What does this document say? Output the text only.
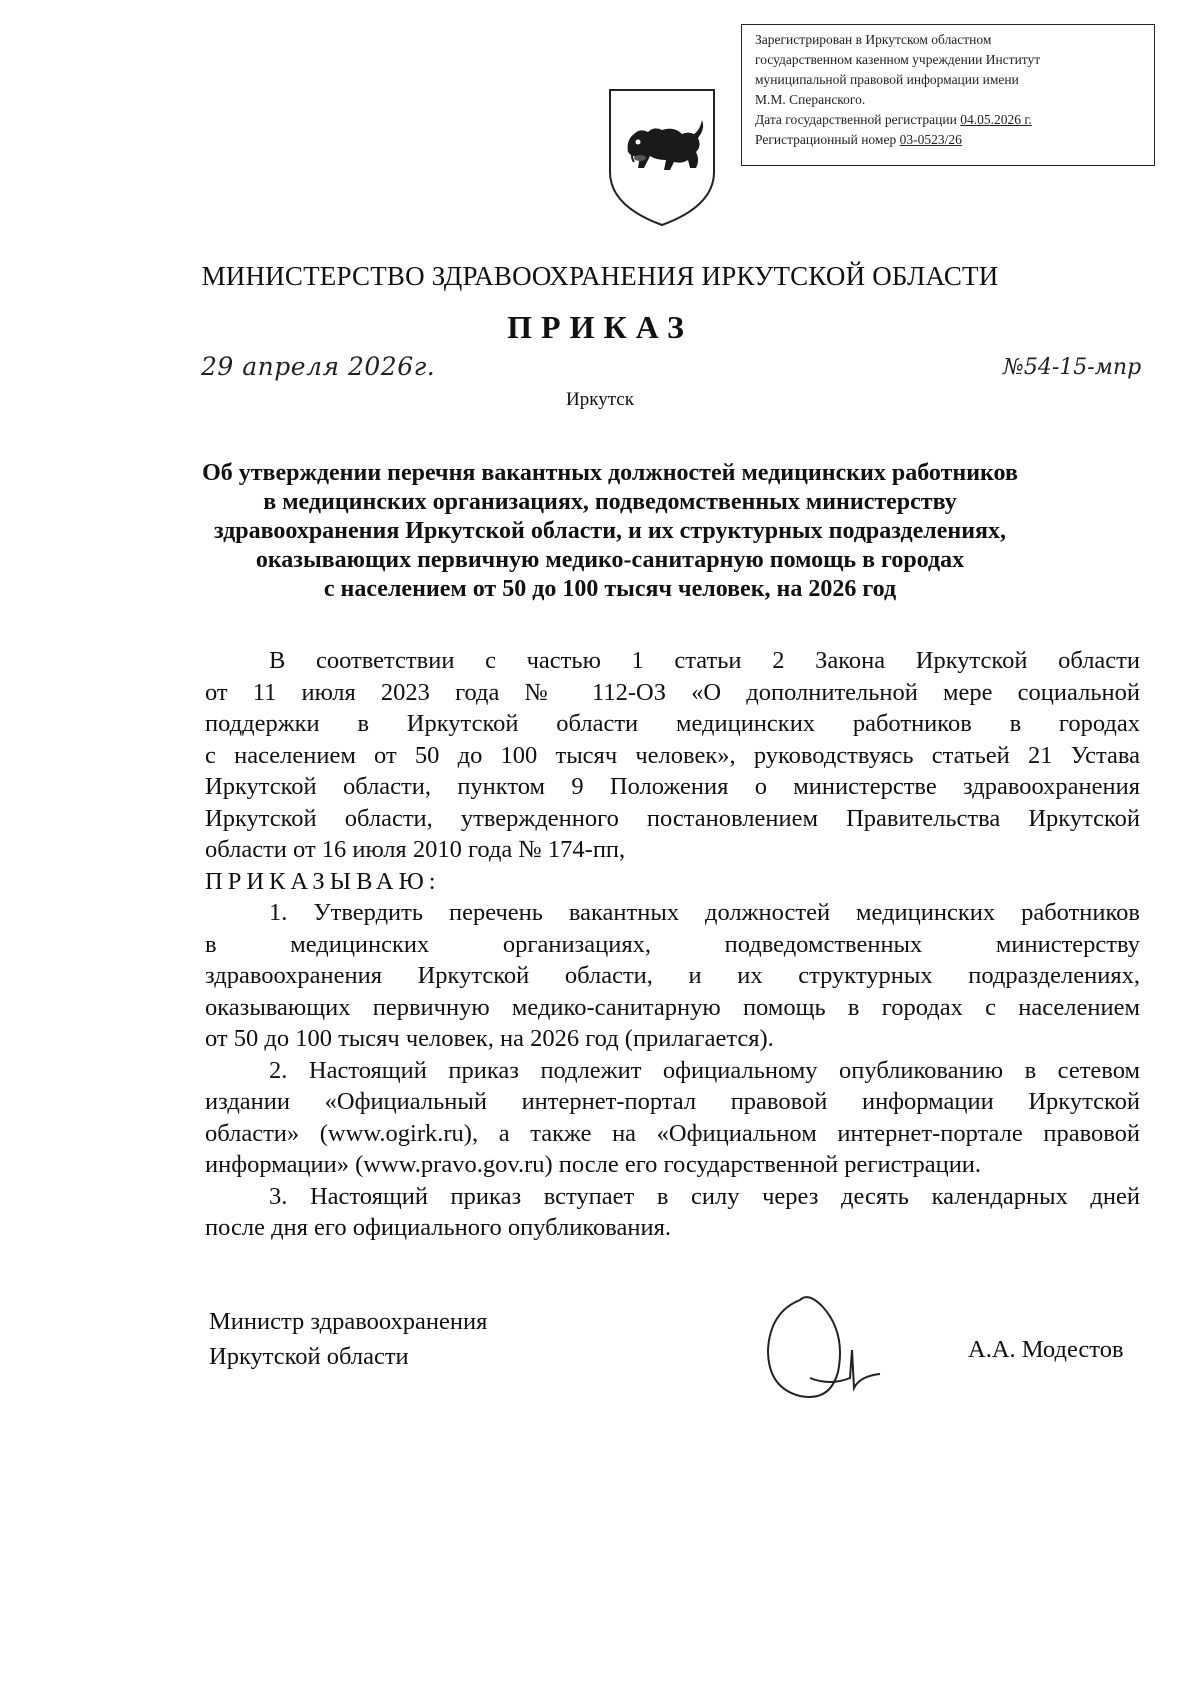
Зарегистрирован в Иркутском областном
государственном казенном учреждении Институт
муниципальной правовой информации имени
М.М. Сперанского.
Дата государственной регистрации 04.05.2026 г.
Регистрационный номер 03-0523/26
МИНИСТЕРСТВО ЗДРАВООХРАНЕНИЯ ИРКУТСКОЙ ОБЛАСТИ
ПРИКАЗ
29 апреля 2026г.	№54-15-мпр
Иркутск
Об утверждении перечня вакантных должностей медицинских работников
в медицинских организациях, подведомственных министерству
здравоохранения Иркутской области, и их структурных подразделениях,
оказывающих первичную медико-санитарную помощь в городах
с населением от 50 до 100 тысяч человек, на 2026 год
В соответствии с частью 1 статьи 2 Закона Иркутской области
от 11 июля 2023 года № 112-ОЗ «О дополнительной мере социальной
поддержки в Иркутской области медицинских работников в городах
с населением от 50 до 100 тысяч человек», руководствуясь статьей 21 Устава
Иркутской области, пунктом 9 Положения о министерстве здравоохранения
Иркутской области, утвержденного постановлением Правительства Иркутской
области от 16 июля 2010 года № 174-пп,
ПРИКАЗЫВАЮ:
1. Утвердить перечень вакантных должностей медицинских работников
в медицинских организациях, подведомственных министерству
здравоохранения Иркутской области, и их структурных подразделениях,
оказывающих первичную медико-санитарную помощь в городах с населением
от 50 до 100 тысяч человек, на 2026 год (прилагается).
2. Настоящий приказ подлежит официальному опубликованию в сетевом
издании «Официальный интернет-портал правовой информации Иркутской
области» (www.ogirk.ru), а также на «Официальном интернет-портале правовой
информации» (www.pravo.gov.ru) после его государственной регистрации.
3. Настоящий приказ вступает в силу через десять календарных дней
после дня его официального опубликования.
Министр здравоохранения
Иркутской области	А.А. Модестов
